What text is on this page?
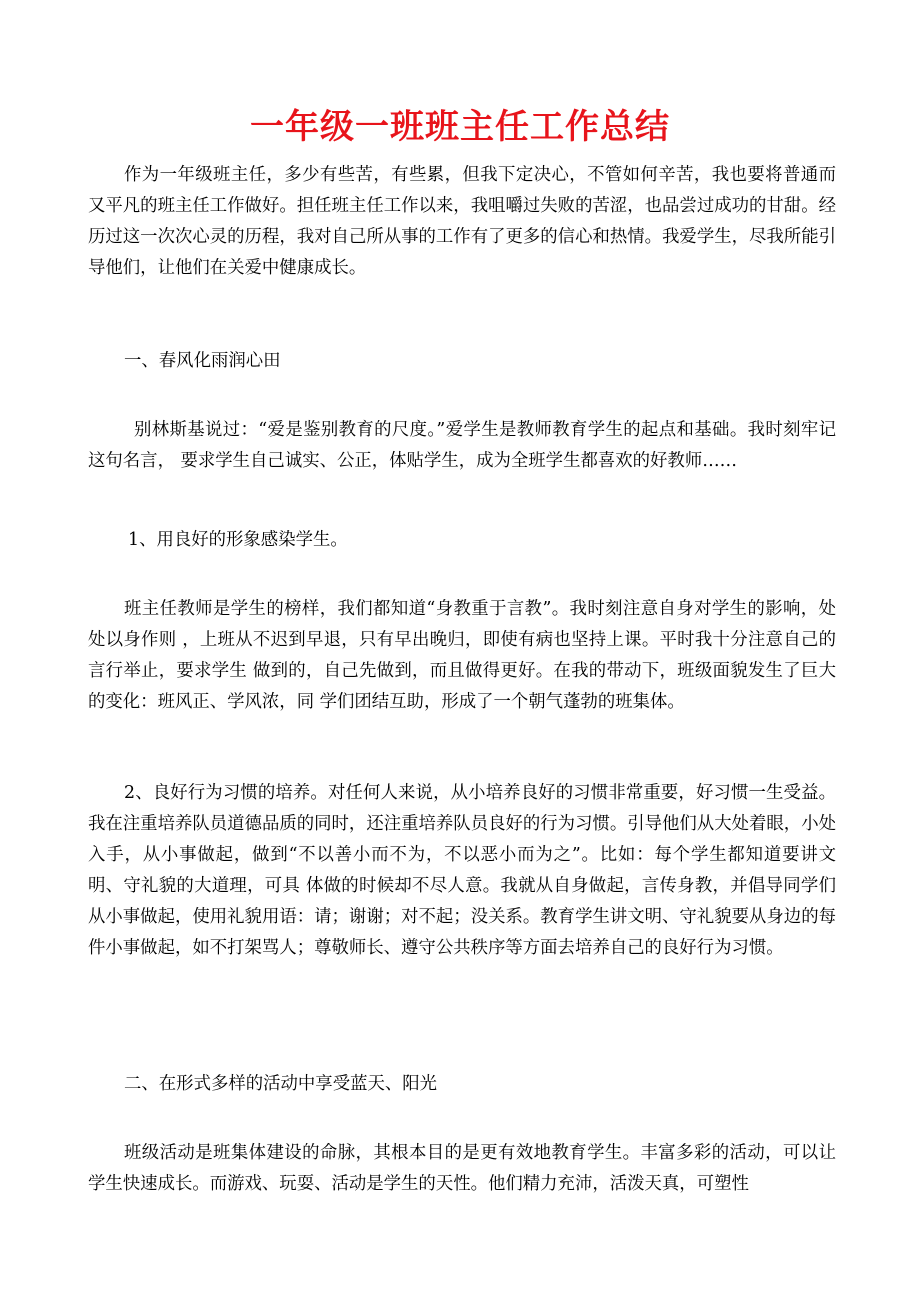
一年级一班班主任工作总结

作为一年级班主任，多少有些苦，有些累，但我下定决心，不管如何辛苦，我也要将普通而又平凡的班主任工作做好。担任班主任工作以来，我咀嚼过失败的苦涩，也品尝过成功的甘甜。经历过这一次次心灵的历程，我对自己所从事的工作有了更多的信心和热情。我爱学生，尽我所能引导他们，让他们在关爱中健康成长。

一、春风化雨润心田

别林斯基说过：“爱是鉴别教育的尺度。”爱学生是教师教育学生的起点和基础。我时刻牢记这句名言， 要求学生自己诚实、公正，体贴学生，成为全班学生都喜欢的好教师……

1、用良好的形象感染学生。

班主任教师是学生的榜样，我们都知道“身教重于言教”。我时刻注意自身对学生的影响，处处以身作则 ，上班从不迟到早退，只有早出晚归，即使有病也坚持上课。平时我十分注意自己的言行举止，要求学生 做到的，自己先做到，而且做得更好。在我的带动下，班级面貌发生了巨大的变化：班风正、学风浓，同 学们团结互助，形成了一个朝气蓬勃的班集体。

2、良好行为习惯的培养。对任何人来说，从小培养良好的习惯非常重要，好习惯一生受益。我在注重培养队员道德品质的同时，还注重培养队员良好的行为习惯。引导他们从大处着眼，小处入手，从小事做起，做到“不以善小而不为，不以恶小而为之”。比如：每个学生都知道要讲文明、守礼貌的大道理，可具 体做的时候却不尽人意。我就从自身做起，言传身教，并倡导同学们从小事做起，使用礼貌用语：请；谢谢；对不起；没关系。教育学生讲文明、守礼貌要从身边的每件小事做起，如不打架骂人；尊敬师长、遵守公共秩序等方面去培养自己的良好行为习惯。

二、在形式多样的活动中享受蓝天、阳光

班级活动是班集体建设的命脉，其根本目的是更有效地教育学生。丰富多彩的活动，可以让学生快速成长。而游戏、玩耍、活动是学生的天性。他们精力充沛，活泼天真，可塑性
